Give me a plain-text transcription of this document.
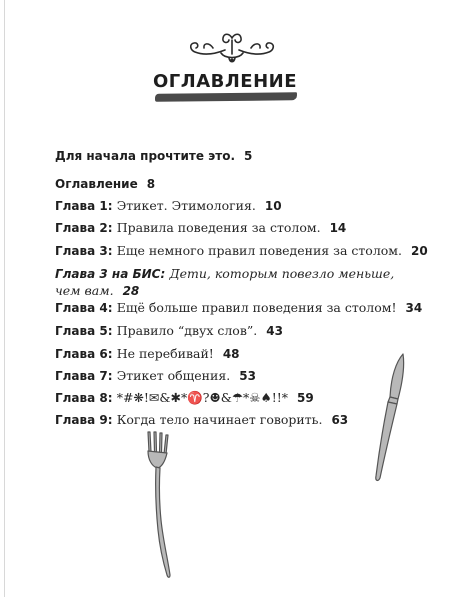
ОГЛАВЛЕНИЕ
Для начала прочтите это. 5
Оглавление 8
Глава 1: Этикет. Этимология. 10
Глава 2: Правила поведения за столом. 14
Глава 3: Еще немного правил поведения за столом. 20
Глава 3 на БИС: Дети, которым повезло меньше,
чем вам. 28
Глава 4: Ещё больше правил поведения за столом! 34
Глава 5: Правило “двух слов”. 43
Глава 6: Не перебивай! 48
Глава 7: Этикет общения. 53
Глава 8: *#❋!✉&✱*♈?☻&☂*☠♠!!* 59
Глава 9: Когда тело начинает говорить. 63
